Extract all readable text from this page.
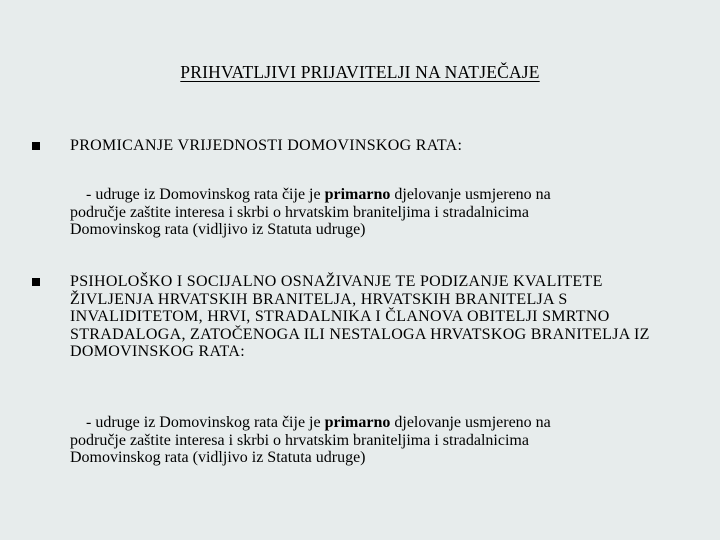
PRIHVATLJIVI PRIJAVITELJI NA NATJEČAJE
PROMICANJE VRIJEDNOSTI DOMOVINSKOG RATA:
- udruge iz Domovinskog rata čije je primarno djelovanje usmjereno na
područje zaštite interesa i skrbi o hrvatskim braniteljima i stradalnicima
Domovinskog rata (vidljivo iz Statuta udruge)
PSIHOLOŠKO I SOCIJALNO OSNAŽIVANJE TE PODIZANJE KVALITETE ŽIVLJENJA HRVATSKIH BRANITELJA, HRVATSKIH BRANITELJA S INVALIDITETOM, HRVI, STRADALNIKA I ČLANOVA OBITELJI SMRTNO STRADALOGA, ZATOČENOGA ILI NESTALOGA HRVATSKOG BRANITELJA IZ DOMOVINSKOG RATA:
- udruge iz Domovinskog rata čije je primarno djelovanje usmjereno na
područje zaštite interesa i skrbi o hrvatskim braniteljima i stradalnicima
Domovinskog rata (vidljivo iz Statuta udruge)
